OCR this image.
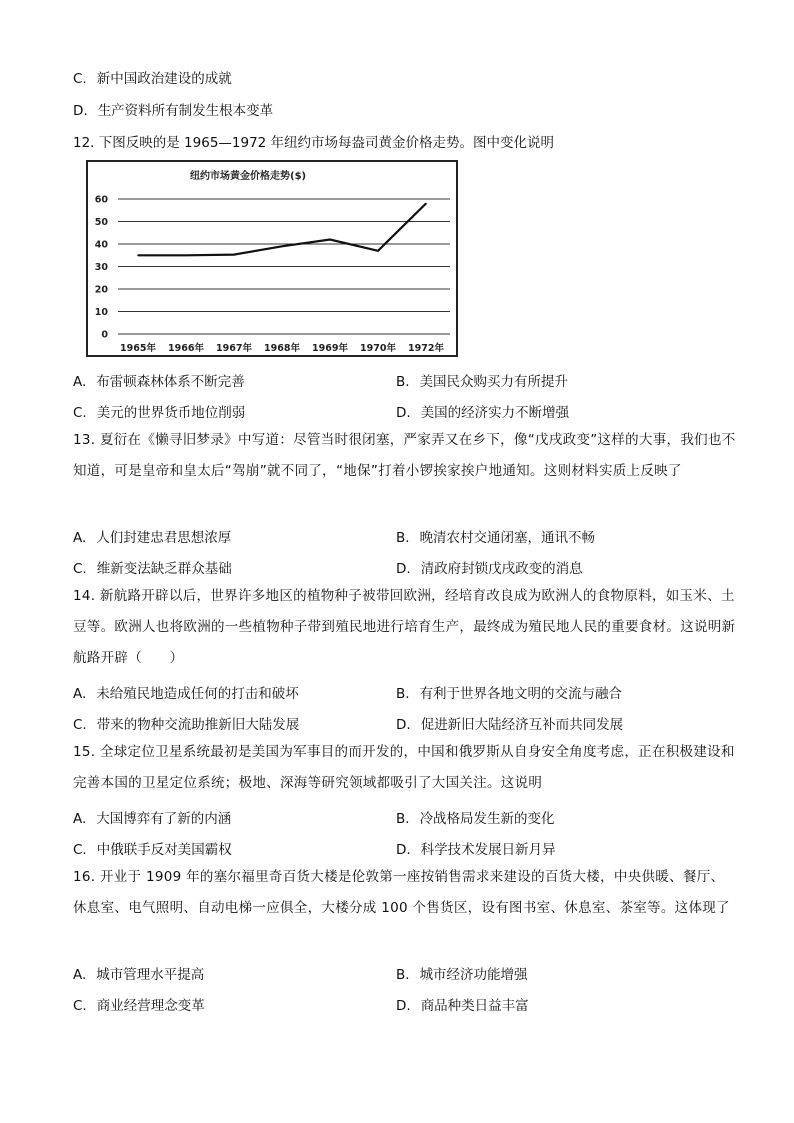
C. 新中国政治建设的成就
D. 生产资料所有制发生根本变革
12. 下图反映的是 1965—1972 年纽约市场每盎司黄金价格走势。图中变化说明
纽约市场黄金价格走势($)
0
10
20
30
40
50
60
1965年 1966年 1967年 1968年 1969年 1970年 1972年
A. 布雷顿森林体系不断完善	B. 美国民众购买力有所提升
C. 美元的世界货币地位削弱	D. 美国的经济实力不断增强
13. 夏衍在《懒寻旧梦录》中写道：尽管当时很闭塞，严家弄又在乡下，像“戊戌政变”这样的大事，我们也不知道，可是皇帝和皇太后“驾崩”就不同了，“地保”打着小锣挨家挨户地通知。这则材料实质上反映了
A. 人们封建忠君思想浓厚	B. 晚清农村交通闭塞，通讯不畅
C. 维新变法缺乏群众基础	D. 清政府封锁戊戌政变的消息
14. 新航路开辟以后，世界许多地区的植物种子被带回欧洲，经培育改良成为欧洲人的食物原料，如玉米、土豆等。欧洲人也将欧洲的一些植物种子带到殖民地进行培育生产，最终成为殖民地人民的重要食材。这说明新航路开辟（　　）
A. 未给殖民地造成任何的打击和破坏	B. 有利于世界各地文明的交流与融合
C. 带来的物种交流助推新旧大陆发展	D. 促进新旧大陆经济互补而共同发展
15. 全球定位卫星系统最初是美国为军事目的而开发的，中国和俄罗斯从自身安全角度考虑，正在积极建设和完善本国的卫星定位系统；极地、深海等研究领域都吸引了大国关注。这说明
A. 大国博弈有了新的内涵	B. 冷战格局发生新的变化
C. 中俄联手反对美国霸权	D. 科学技术发展日新月异
16. 开业于 1909 年的塞尔福里奇百货大楼是伦敦第一座按销售需求来建设的百货大楼，中央供暖、餐厅、休息室、电气照明、自动电梯一应俱全，大楼分成 100 个售货区，设有图书室、休息室、茶室等。这体现了
A. 城市管理水平提高	B. 城市经济功能增强
C. 商业经营理念变革	D. 商品种类日益丰富
